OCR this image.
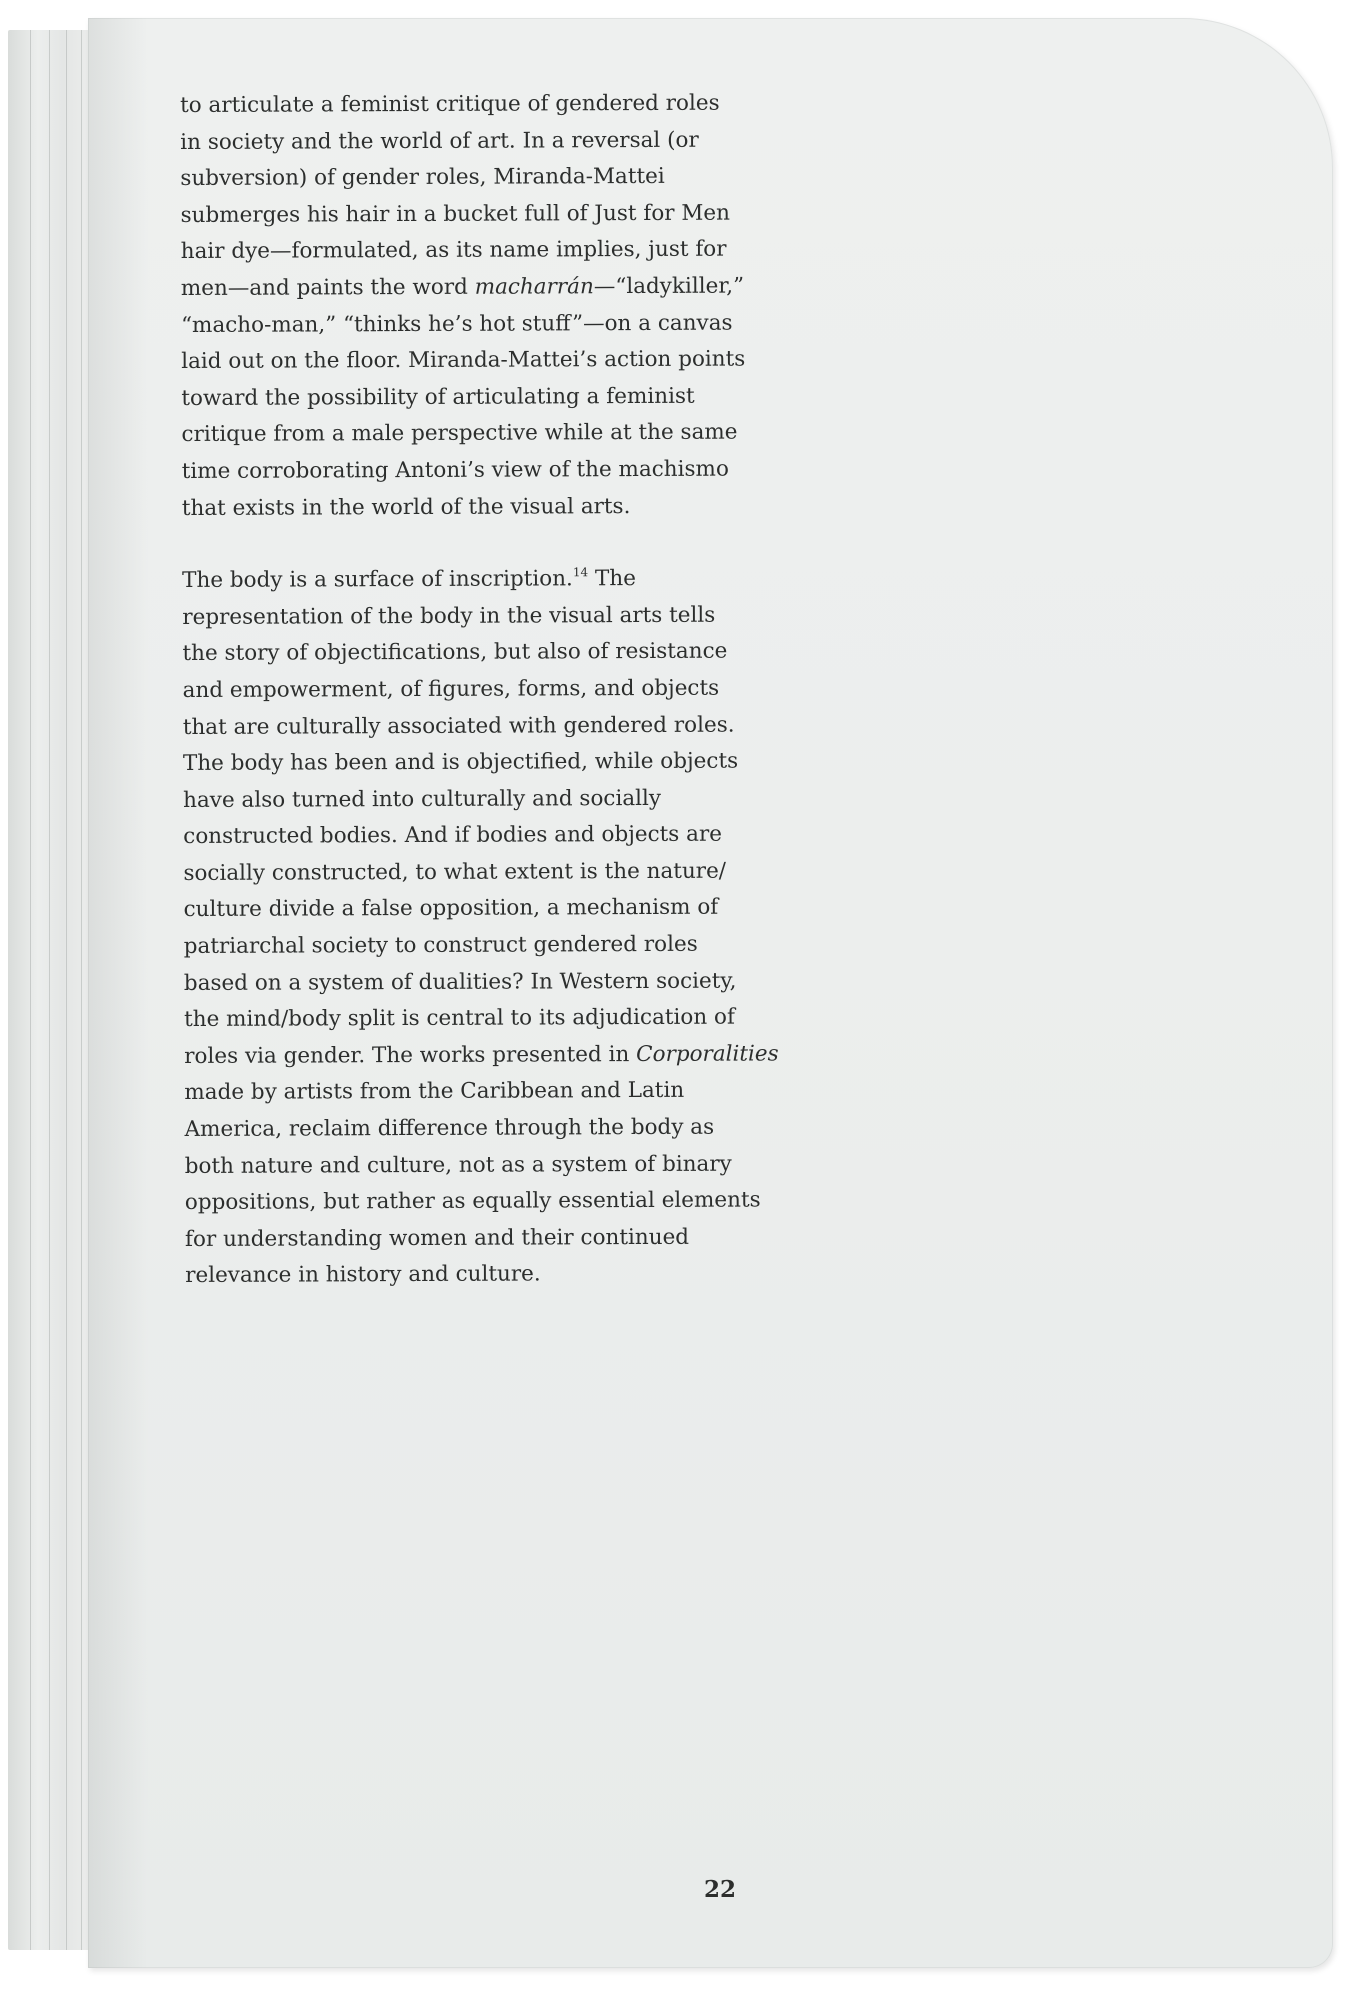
to articulate a feminist critique of gendered roles
in society and the world of art. In a reversal (or
subversion) of gender roles, Miranda-Mattei
submerges his hair in a bucket full of Just for Men
hair dye—formulated, as its name implies, just for
men—and paints the word macharrán—“ladykiller,”
“macho-man,” “thinks he’s hot stuff”—on a canvas
laid out on the floor. Miranda-Mattei’s action points
toward the possibility of articulating a feminist
critique from a male perspective while at the same
time corroborating Antoni’s view of the machismo
that exists in the world of the visual arts.

The body is a surface of inscription.$^{14}$ The
representation of the body in the visual arts tells
the story of objectifications, but also of resistance
and empowerment, of figures, forms, and objects
that are culturally associated with gendered roles.
The body has been and is objectified, while objects
have also turned into culturally and socially
constructed bodies. And if bodies and objects are
socially constructed, to what extent is the nature/
culture divide a false opposition, a mechanism of
patriarchal society to construct gendered roles
based on a system of dualities? In Western society,
the mind/body split is central to its adjudication of
roles via gender. The works presented in Corporalities
made by artists from the Caribbean and Latin
America, reclaim difference through the body as
both nature and culture, not as a system of binary
oppositions, but rather as equally essential elements
for understanding women and their continued
relevance in history and culture.

22
